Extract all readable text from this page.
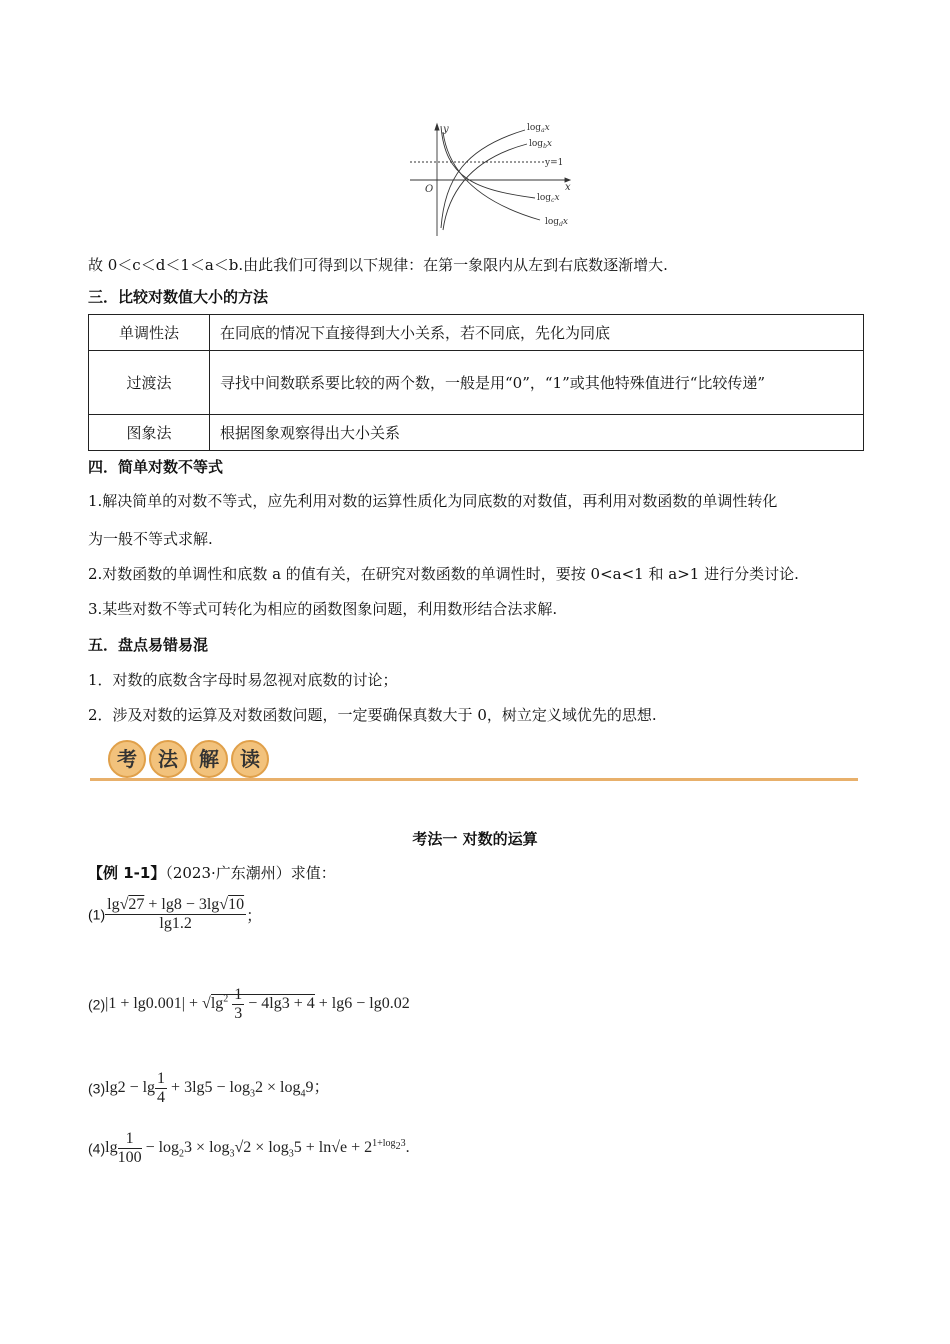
y
x
O
y=1
$\log_ax$
$\log_bx$
$\log_cx$
$\log_dx$
故 0＜c＜d＜1＜a＜b.由此我们可得到以下规律：在第一象限内从左到右底数逐渐增大.
三．比较对数值大小的方法
单调性法	在同底的情况下直接得到大小关系，若不同底，先化为同底
过渡法	寻找中间数联系要比较的两个数，一般是用“0”，“1”或其他特殊值进行“比较传递”
图象法	根据图象观察得出大小关系
四．简单对数不等式
1.解决简单的对数不等式，应先利用对数的运算性质化为同底数的对数值，再利用对数函数的单调性转化
为一般不等式求解.
2.对数函数的单调性和底数 a 的值有关，在研究对数函数的单调性时，要按 0<a<1 和 a>1 进行分类讨论.
3.某些对数不等式可转化为相应的函数图象问题，利用数形结合法求解.
五．盘点易错易混
1．对数的底数含字母时易忽视对底数的讨论；
2．涉及对数的运算及对数函数问题，一定要确保真数大于 0，树立定义域优先的思想.
考 法 解 读
考法一 对数的运算
【例 1-1】（2023·广东潮州）求值：
$(1) \frac{\lg√27 + \lg 8 - 3\lg√10}{\lg 1.2}$ ；
$(2)|1 + \lg 0.001| + √\lg^2 \frac{1}{3} - 4\lg 3 + 4 + \lg 6 - \lg 0.02$
$(3)\lg 2 - \lg \frac{1}{4} + 3\lg 5 - \log_32 \times \log_49$；
$(4)\lg \frac{1}{100} - \log_23 \times \log_3√2 \times \log_35 + \ln√e + 2^{1+log_23}$.
